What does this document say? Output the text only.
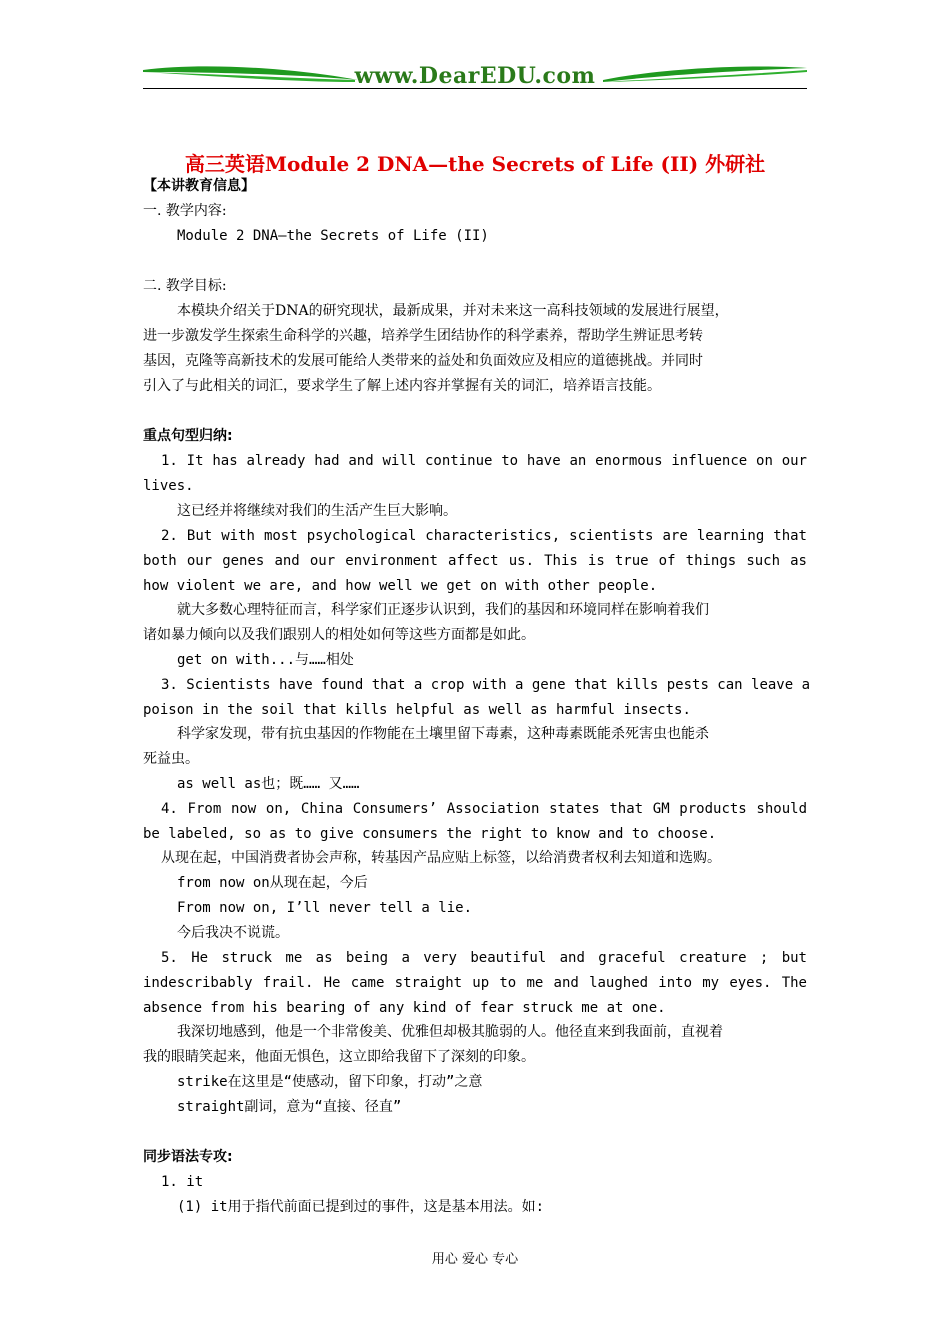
www.DearEDU.com
高三英语Module 2 DNA—the Secrets of Life (II) 外研社
【本讲教育信息】
一. 教学内容:
Module 2 DNA—the Secrets of Life (II)
二. 教学目标:
本模块介绍关于DNA的研究现状，最新成果，并对未来这一高科技领域的发展进行展望，
进一步激发学生探索生命科学的兴趣，培养学生团结协作的科学素养，帮助学生辨证思考转
基因，克隆等高新技术的发展可能给人类带来的益处和负面效应及相应的道德挑战。并同时
引入了与此相关的词汇，要求学生了解上述内容并掌握有关的词汇，培养语言技能。
重点句型归纳:
1. It has already had and will continue to have an enormous influence on our
lives.
这已经并将继续对我们的生活产生巨大影响。
2. But with most psychological characteristics, scientists are learning that
both our genes and our environment affect us. This is true of things such as
how violent we are, and how well we get on with other people.
就大多数心理特征而言，科学家们正逐步认识到，我们的基因和环境同样在影响着我们
诸如暴力倾向以及我们跟别人的相处如何等这些方面都是如此。
get on with...与……相处
3. Scientists have found that a crop with a gene that kills pests can leave a
poison in the soil that kills helpful as well as harmful insects.
科学家发现，带有抗虫基因的作物能在土壤里留下毒素，这种毒素既能杀死害虫也能杀
死益虫。
as well as也；既…… 又……
4. From now on, China Consumers’ Association states that GM products should
be labeled, so as to give consumers the right to know and to choose.
从现在起，中国消费者协会声称，转基因产品应贴上标签，以给消费者权利去知道和选购。
from now on从现在起，今后
From now on, I’ll never tell a lie.
今后我决不说谎。
5. He struck me as being a very beautiful and graceful creature ; but
indescribably frail. He came straight up to me and laughed into my eyes. The
absence from his bearing of any kind of fear struck me at one.
我深切地感到，他是一个非常俊美、优雅但却极其脆弱的人。他径直来到我面前，直视着
我的眼睛笑起来，他面无惧色，这立即给我留下了深刻的印象。
strike在这里是“使感动，留下印象，打动”之意
straight副词，意为“直接、径直”
同步语法专攻:
1. it
(1) it用于指代前面已提到过的事件，这是基本用法。如:
用心 爱心 专心
